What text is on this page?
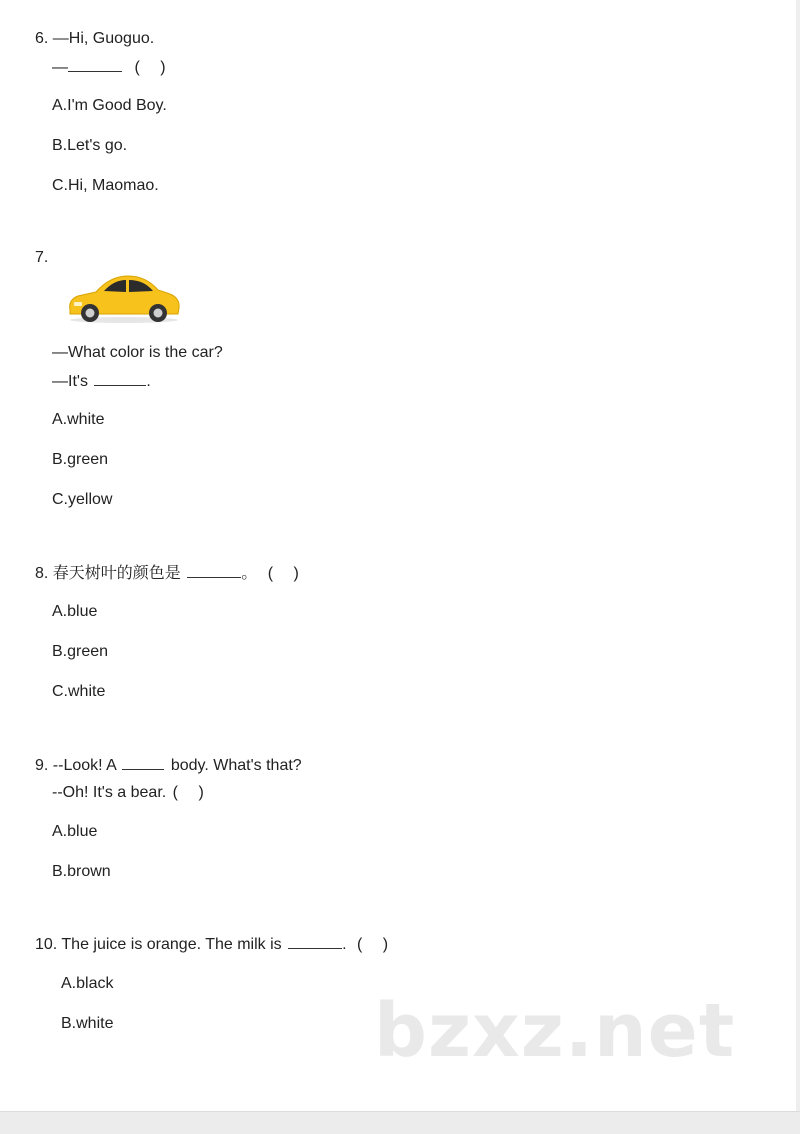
6. —Hi, Guoguo.
—	(　 )
A.I'm Good Boy.
B.Let's go.
C.Hi, Maomao.
7.
—What color is the car?
—It's	.
A.white
B.green
C.yellow
8. 春天树叶的颜色是	。 (　 )
A.blue
B.green
C.white
9. --Look! A	body. What's that?
--Oh! It's a bear. (　 )
A.blue
B.brown
10. The juice is orange. The milk is	. (　 )
A.black
B.white	bzxz.net
